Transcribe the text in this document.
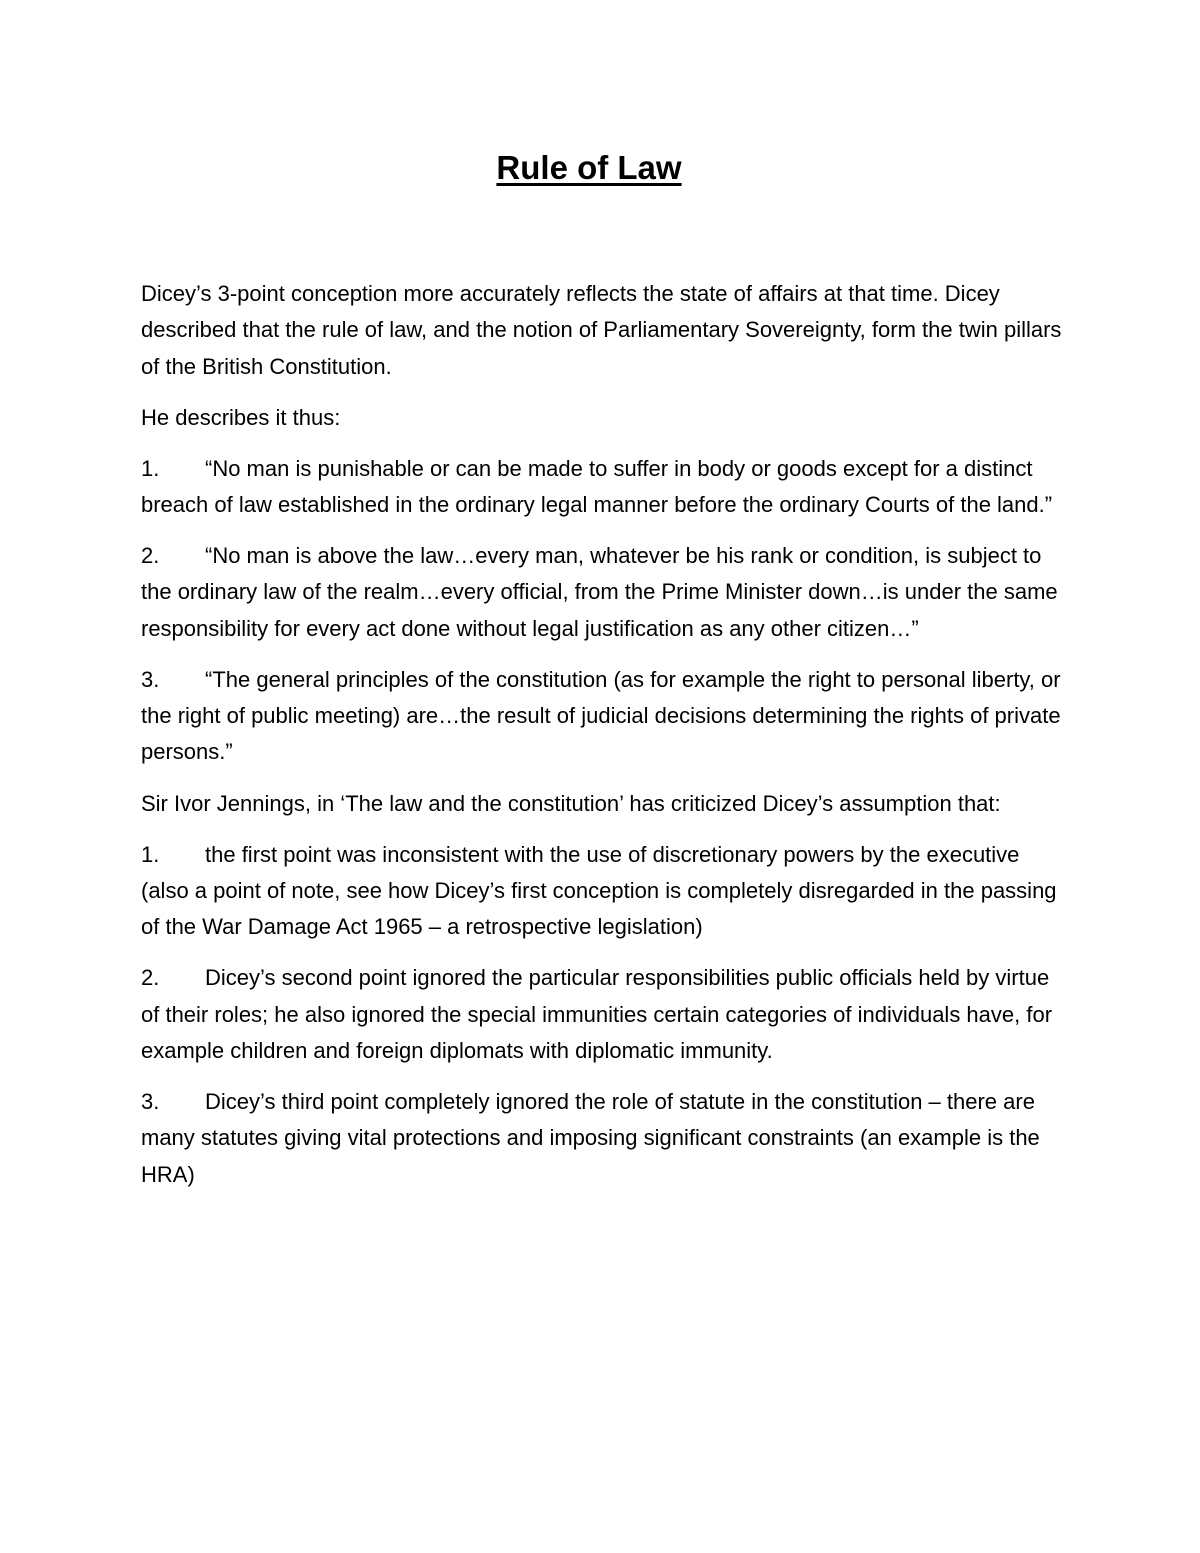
Rule of Law

Dicey’s 3-point conception more accurately reflects the state of affairs at that time. Dicey described that the rule of law, and the notion of Parliamentary Sovereignty, form the twin pillars of the British Constitution.

He describes it thus:

1. “No man is punishable or can be made to suffer in body or goods except for a distinct breach of law established in the ordinary legal manner before the ordinary Courts of the land.”

2. “No man is above the law…every man, whatever be his rank or condition, is subject to the ordinary law of the realm…every official, from the Prime Minister down…is under the same responsibility for every act done without legal justification as any other citizen…”

3. “The general principles of the constitution (as for example the right to personal liberty, or the right of public meeting) are…the result of judicial decisions determining the rights of private persons.”

Sir Ivor Jennings, in ‘The law and the constitution’ has criticized Dicey’s assumption that:

1. the first point was inconsistent with the use of discretionary powers by the executive (also a point of note, see how Dicey’s first conception is completely disregarded in the passing of the War Damage Act 1965 – a retrospective legislation)

2. Dicey’s second point ignored the particular responsibilities public officials held by virtue of their roles; he also ignored the special immunities certain categories of individuals have, for example children and foreign diplomats with diplomatic immunity.

3. Dicey’s third point completely ignored the role of statute in the constitution – there are many statutes giving vital protections and imposing significant constraints (an example is the HRA)
